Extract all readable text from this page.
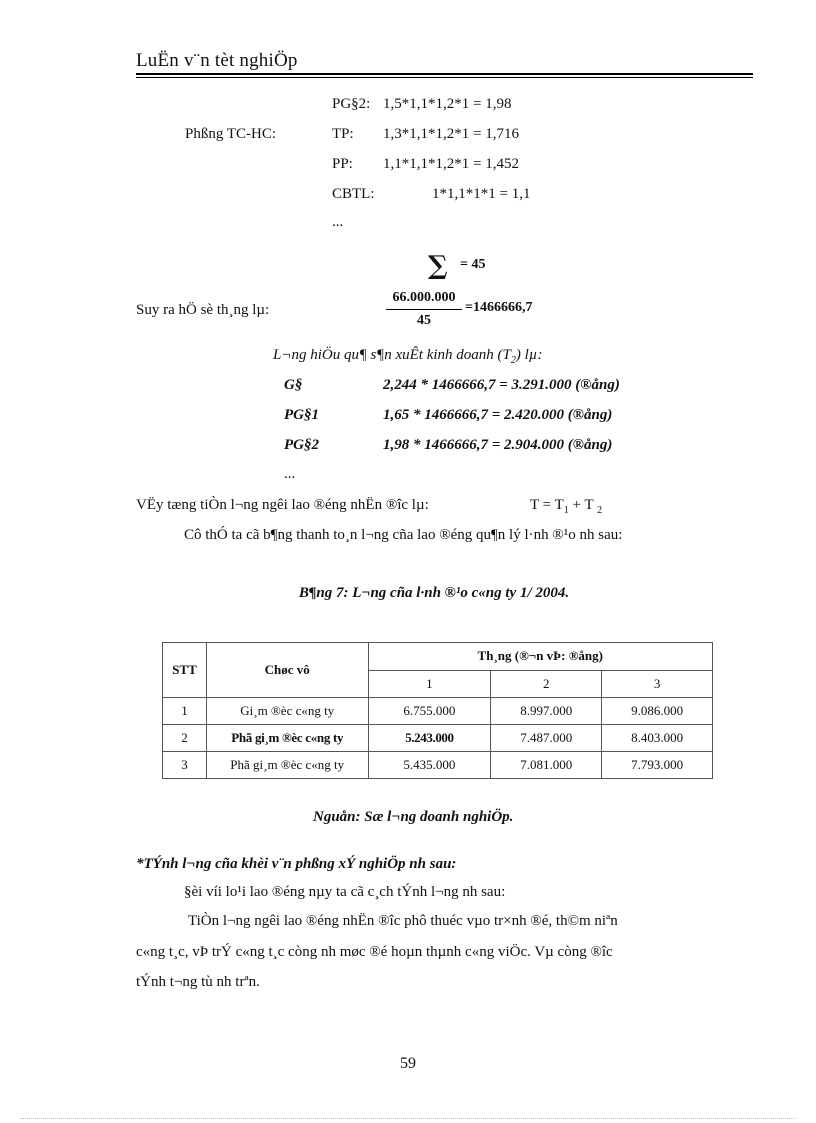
LuËn v¨n tèt nghiÖp
PG§2: 1,5*1,1*1,2*1 = 1,98
Phßng TC-HC:	TP: 1,3*1,1*1,2*1 = 1,716
PP: 1,1*1,1*1,2*1 = 1,452
CBTL:	1*1,1*1*1 = 1,1
...
∑ = 45
Suy ra hÖ sè th¸ng lµ:	$\frac{66.000.000}{45} =1466666,7$
L¬ng hiÖu qu¶ s¶n xuÊt kinh doanh $(T_2)$ lµ:
G§	2,244 * 1466666,7 = 3.291.000 (®ång)
PG§1	1,65 * 1466666,7 = 2.420.000 (®ång)
PG§2	1,98 * 1466666,7 = 2.904.000 (®ång)
...
VËy tæng tiÒn l¬ng ngêi lao ®éng nhËn ®îc lµ:	$T = T_1 + T$ $_2$
Cô thÓ ta cã b¶ng thanh to¸n l¬ng cña lao ®éng qu¶n lý l·nh ®¹o nh sau:
B¶ng 7: L¬ng cña l·nh ®¹o c«ng ty 1/ 2004.
STT	Chøc vô	Th¸ng (®¬n vÞ: ®ång)		
		1	2	3
1	Gi¸m ®èc c«ng ty	6.755.000	8.997.000	9.086.000
2	Phã gi¸m ®èc c«ng ty	5.243.000	7.487.000	8.403.000
3	Phã gi¸m ®èc c«ng ty	5.435.000	7.081.000	7.793.000
Nguån: Sæ l¬ng doanh nghiÖp.
*TÝnh l¬ng cña khèi v¨n phßng xÝ nghiÖp nh sau:
§èi víi lo¹i lao ®éng nµy ta cã c¸ch tÝnh l¬ng nh sau:
TiÒn l¬ng ngêi lao ®éng nhËn ®îc phô thuéc vµo tr×nh ®é, th©m niªn
c«ng t¸c, vÞ trÝ c«ng t¸c còng nh møc ®é hoµn thµnh c«ng viÖc. Vµ còng ®îc
tÝnh t¬ng tù nh trªn.
59
